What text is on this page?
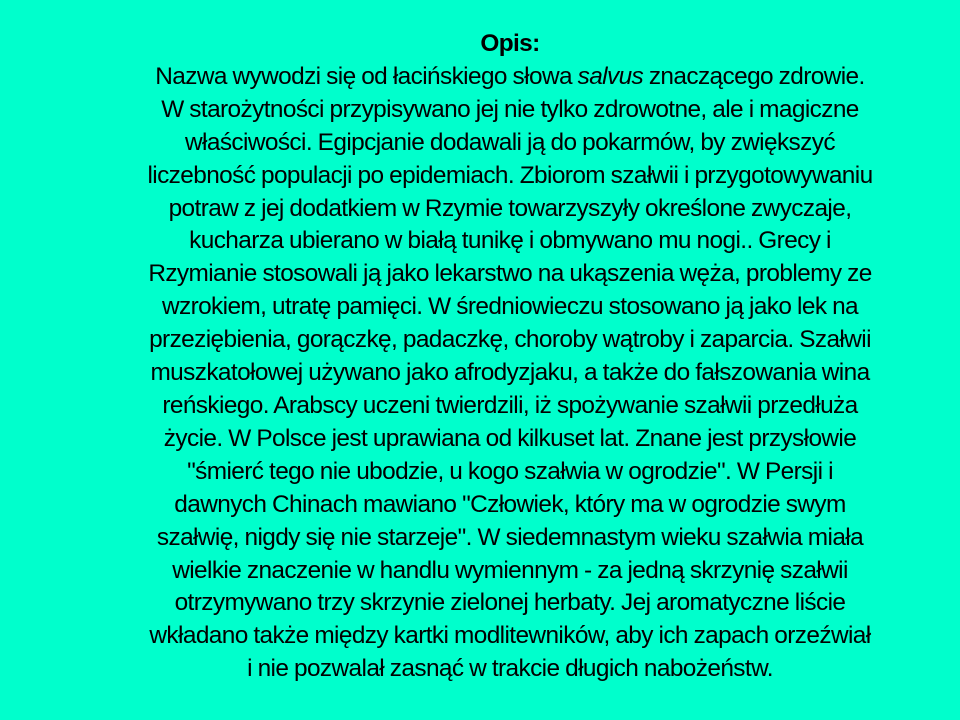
Opis:
Nazwa wywodzi się od łacińskiego słowa salvus znaczącego zdrowie.
W starożytności przypisywano jej nie tylko zdrowotne, ale i magiczne
właściwości. Egipcjanie dodawali ją do pokarmów, by zwiększyć
liczebność populacji po epidemiach. Zbiorom szałwii i przygotowywaniu
potraw z jej dodatkiem w Rzymie towarzyszyły określone zwyczaje,
kucharza ubierano w białą tunikę i obmywano mu nogi.. Grecy i
Rzymianie stosowali ją jako lekarstwo na ukąszenia węża, problemy ze
wzrokiem, utratę pamięci. W średniowieczu stosowano ją jako lek na
przeziębienia, gorączkę, padaczkę, choroby wątroby i zaparcia. Szałwii
muszkatołowej używano jako afrodyzjaku, a także do fałszowania wina
reńskiego. Arabscy uczeni twierdzili, iż spożywanie szałwii przedłuża
życie. W Polsce jest uprawiana od kilkuset lat. Znane jest przysłowie
"śmierć tego nie ubodzie, u kogo szałwia w ogrodzie". W Persji i
dawnych Chinach mawiano "Człowiek, który ma w ogrodzie swym
szałwię, nigdy się nie starzeje". W siedemnastym wieku szałwia miała
wielkie znaczenie w handlu wymiennym - za jedną skrzynię szałwii
otrzymywano trzy skrzynie zielonej herbaty. Jej aromatyczne liście
wkładano także między kartki modlitewników, aby ich zapach orzeźwiał
i nie pozwalał zasnąć w trakcie długich nabożeństw.
